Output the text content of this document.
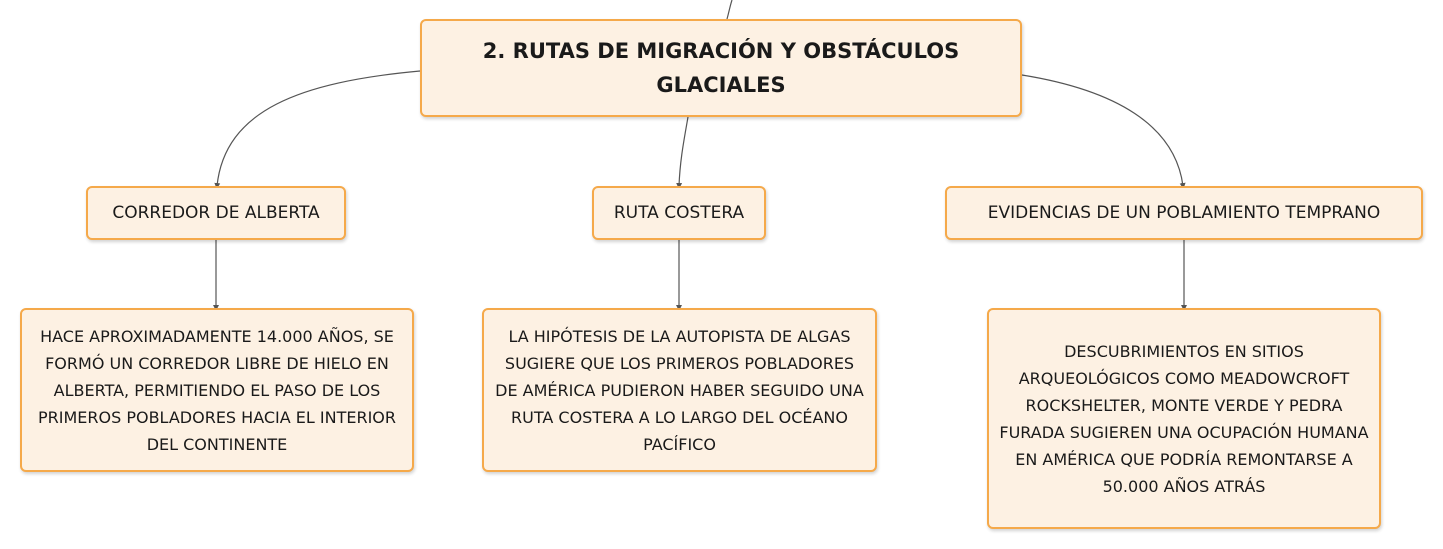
2. RUTAS DE MIGRACIÓN Y OBSTÁCULOS GLACIALES
CORREDOR DE ALBERTA	RUTA COSTERA	EVIDENCIAS DE UN POBLAMIENTO TEMPRANO
HACE APROXIMADAMENTE 14.000 AÑOS, SE FORMÓ UN CORREDOR LIBRE DE HIELO EN ALBERTA, PERMITIENDO EL PASO DE LOS PRIMEROS POBLADORES HACIA EL INTERIOR DEL CONTINENTE
LA HIPÓTESIS DE LA AUTOPISTA DE ALGAS SUGIERE QUE LOS PRIMEROS POBLADORES DE AMÉRICA PUDIERON HABER SEGUIDO UNA RUTA COSTERA A LO LARGO DEL OCÉANO PACÍFICO
DESCUBRIMIENTOS EN SITIOS ARQUEOLÓGICOS COMO MEADOWCROFT ROCKSHELTER, MONTE VERDE Y PEDRA FURADA SUGIEREN UNA OCUPACIÓN HUMANA EN AMÉRICA QUE PODRÍA REMONTARSE A 50.000 AÑOS ATRÁS
